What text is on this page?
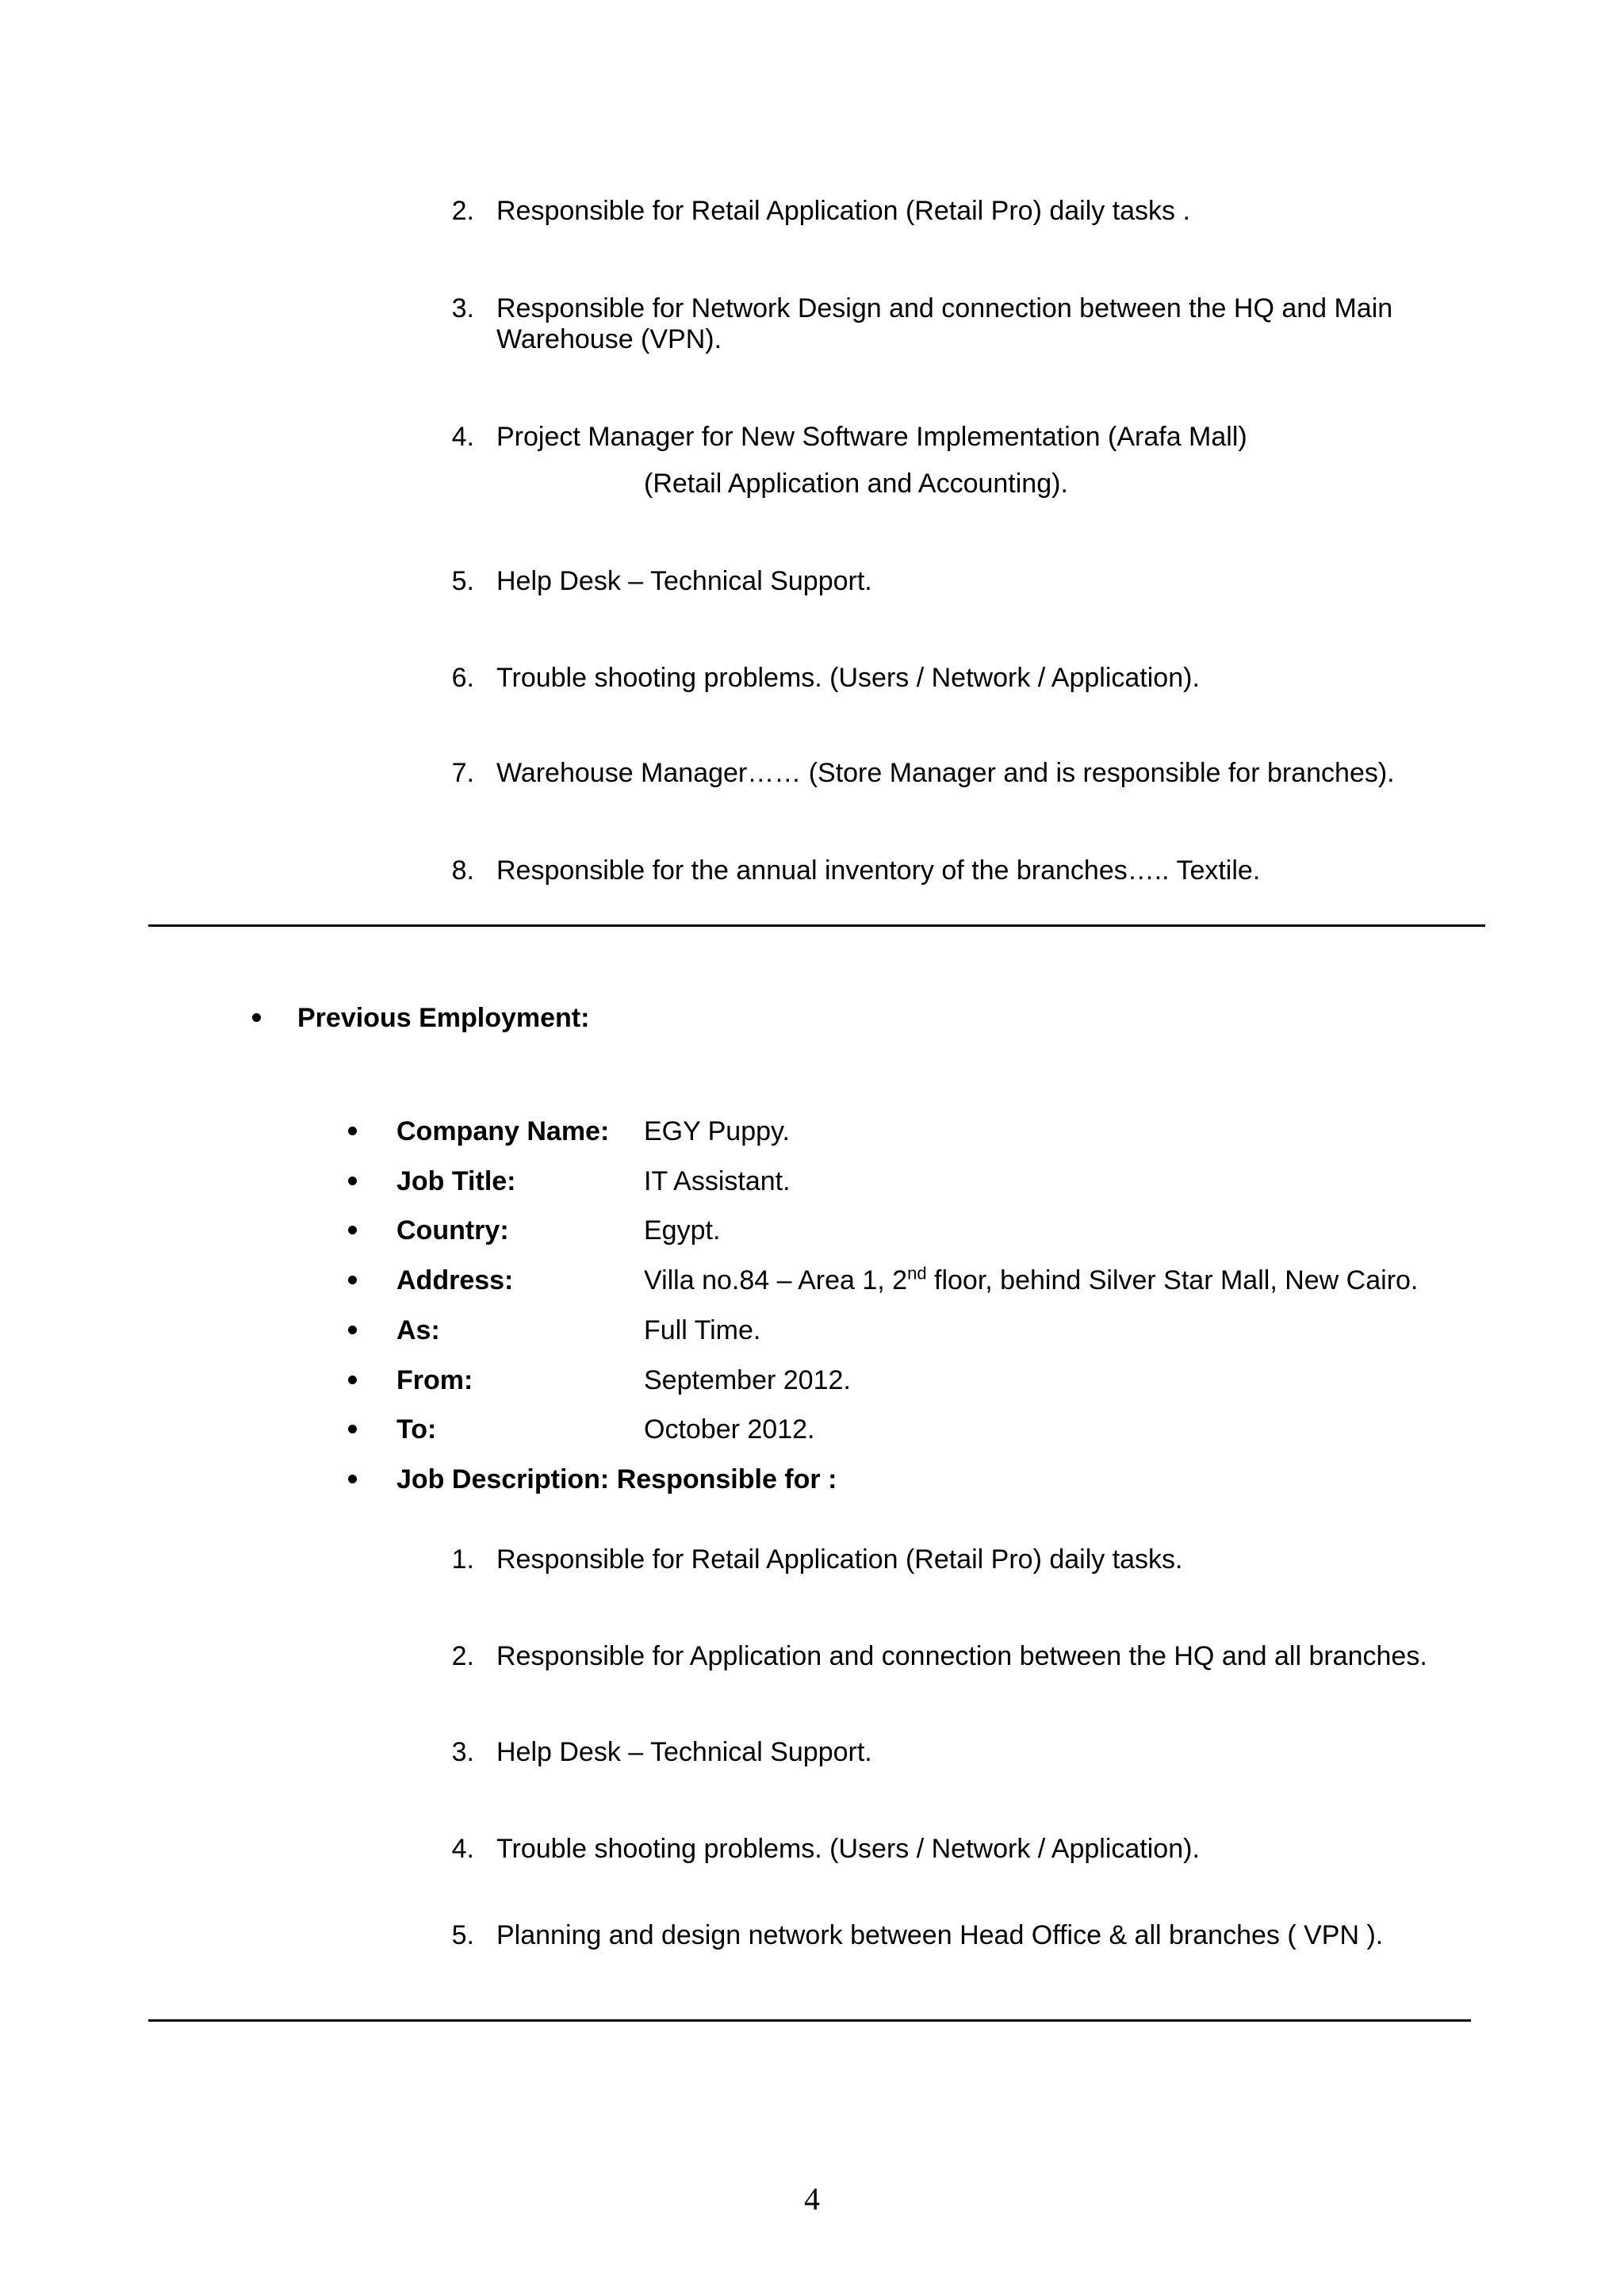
2. Responsible for Retail Application (Retail Pro) daily tasks .
3. Responsible for Network Design and connection between the HQ and Main
Warehouse (VPN).
4. Project Manager for New Software Implementation (Arafa Mall)
(Retail Application and Accounting).
5. Help Desk – Technical Support.
6. Trouble shooting problems. (Users / Network / Application).
7. Warehouse Manager…… (Store Manager and is responsible for branches).
8. Responsible for the annual inventory of the branches….. Textile.
Previous Employment:
Company Name: EGY Puppy.
Job Title:	IT Assistant.
Country:	Egypt.
Address:	Villa no.84 – Area 1, 2nd floor, behind Silver Star Mall, New Cairo.
As:	Full Time.
From:	September 2012.
To:	October 2012.
Job Description: Responsible for :
1. Responsible for Retail Application (Retail Pro) daily tasks.
2. Responsible for Application and connection between the HQ and all branches.
3. Help Desk – Technical Support.
4. Trouble shooting problems. (Users / Network / Application).
5. Planning and design network between Head Office & all branches ( VPN ).
4
